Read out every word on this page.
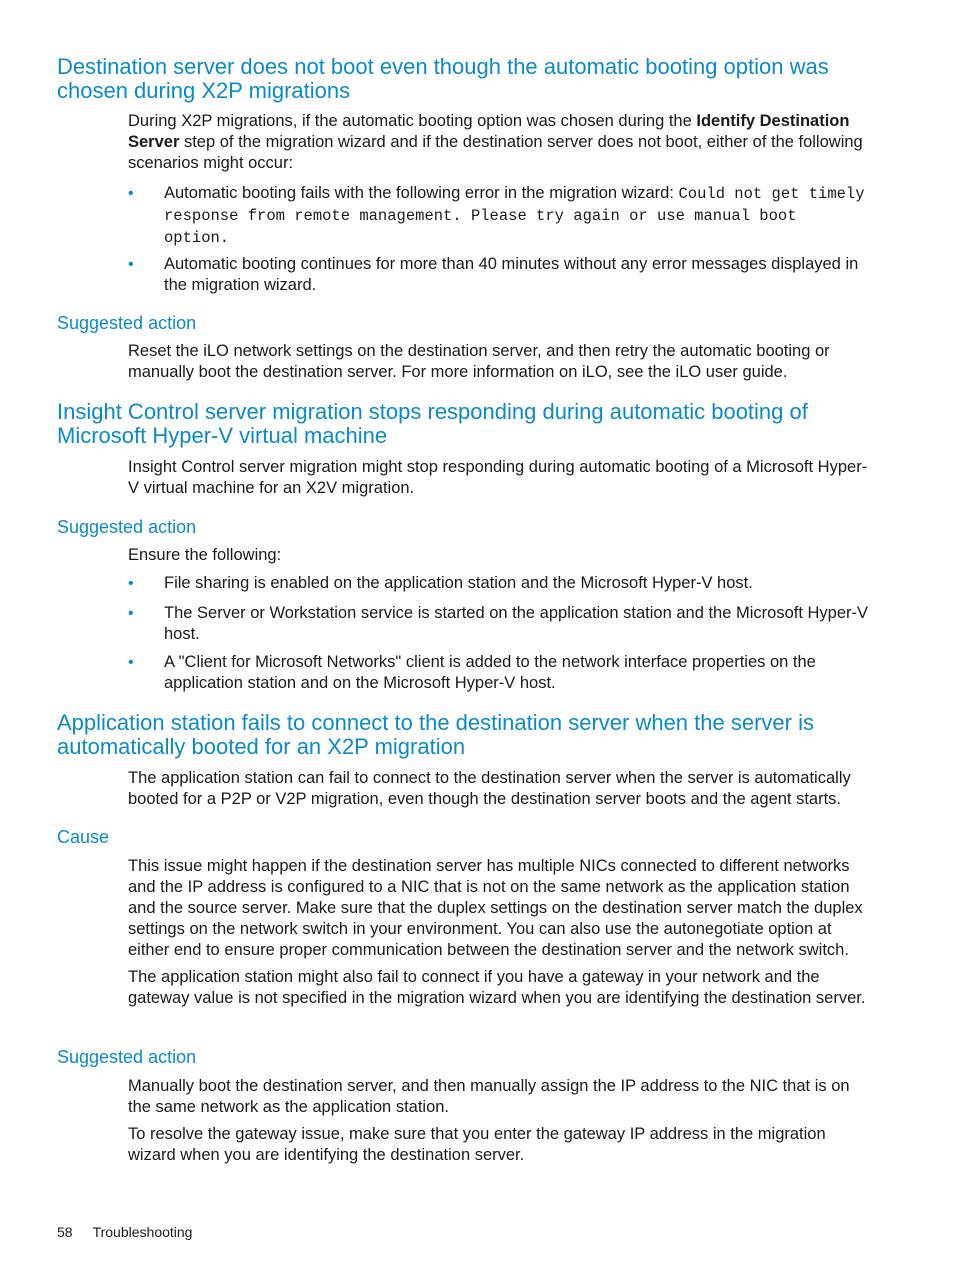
Destination server does not boot even though the automatic booting option was chosen during X2P migrations

During X2P migrations, if the automatic booting option was chosen during the Identify Destination Server step of the migration wizard and if the destination server does not boot, either of the following scenarios might occur:

• Automatic booting fails with the following error in the migration wizard: Could not get timely response from remote management. Please try again or use manual boot option.
• Automatic booting continues for more than 40 minutes without any error messages displayed in the migration wizard.
Suggested action

Reset the iLO network settings on the destination server, and then retry the automatic booting or manually boot the destination server. For more information on iLO, see the iLO user guide.

Insight Control server migration stops responding during automatic booting of Microsoft Hyper-V virtual machine

Insight Control server migration might stop responding during automatic booting of a Microsoft Hyper-V virtual machine for an X2V migration.

Suggested action

Ensure the following:

• File sharing is enabled on the application station and the Microsoft Hyper-V host.
• The Server or Workstation service is started on the application station and the Microsoft Hyper-V host.
• A "Client for Microsoft Networks" client is added to the network interface properties on the application station and on the Microsoft Hyper-V host.
Application station fails to connect to the destination server when the server is automatically booted for an X2P migration

The application station can fail to connect to the destination server when the server is automatically booted for a P2P or V2P migration, even though the destination server boots and the agent starts.

Cause

This issue might happen if the destination server has multiple NICs connected to different networks and the IP address is configured to a NIC that is not on the same network as the application station and the source server. Make sure that the duplex settings on the destination server match the duplex settings on the network switch in your environment. You can also use the autonegotiate option at either end to ensure proper communication between the destination server and the network switch.

The application station might also fail to connect if you have a gateway in your network and the gateway value is not specified in the migration wizard when you are identifying the destination server.

Suggested action

Manually boot the destination server, and then manually assign the IP address to the NIC that is on the same network as the application station.

To resolve the gateway issue, make sure that you enter the gateway IP address in the migration wizard when you are identifying the destination server.

58 Troubleshooting
